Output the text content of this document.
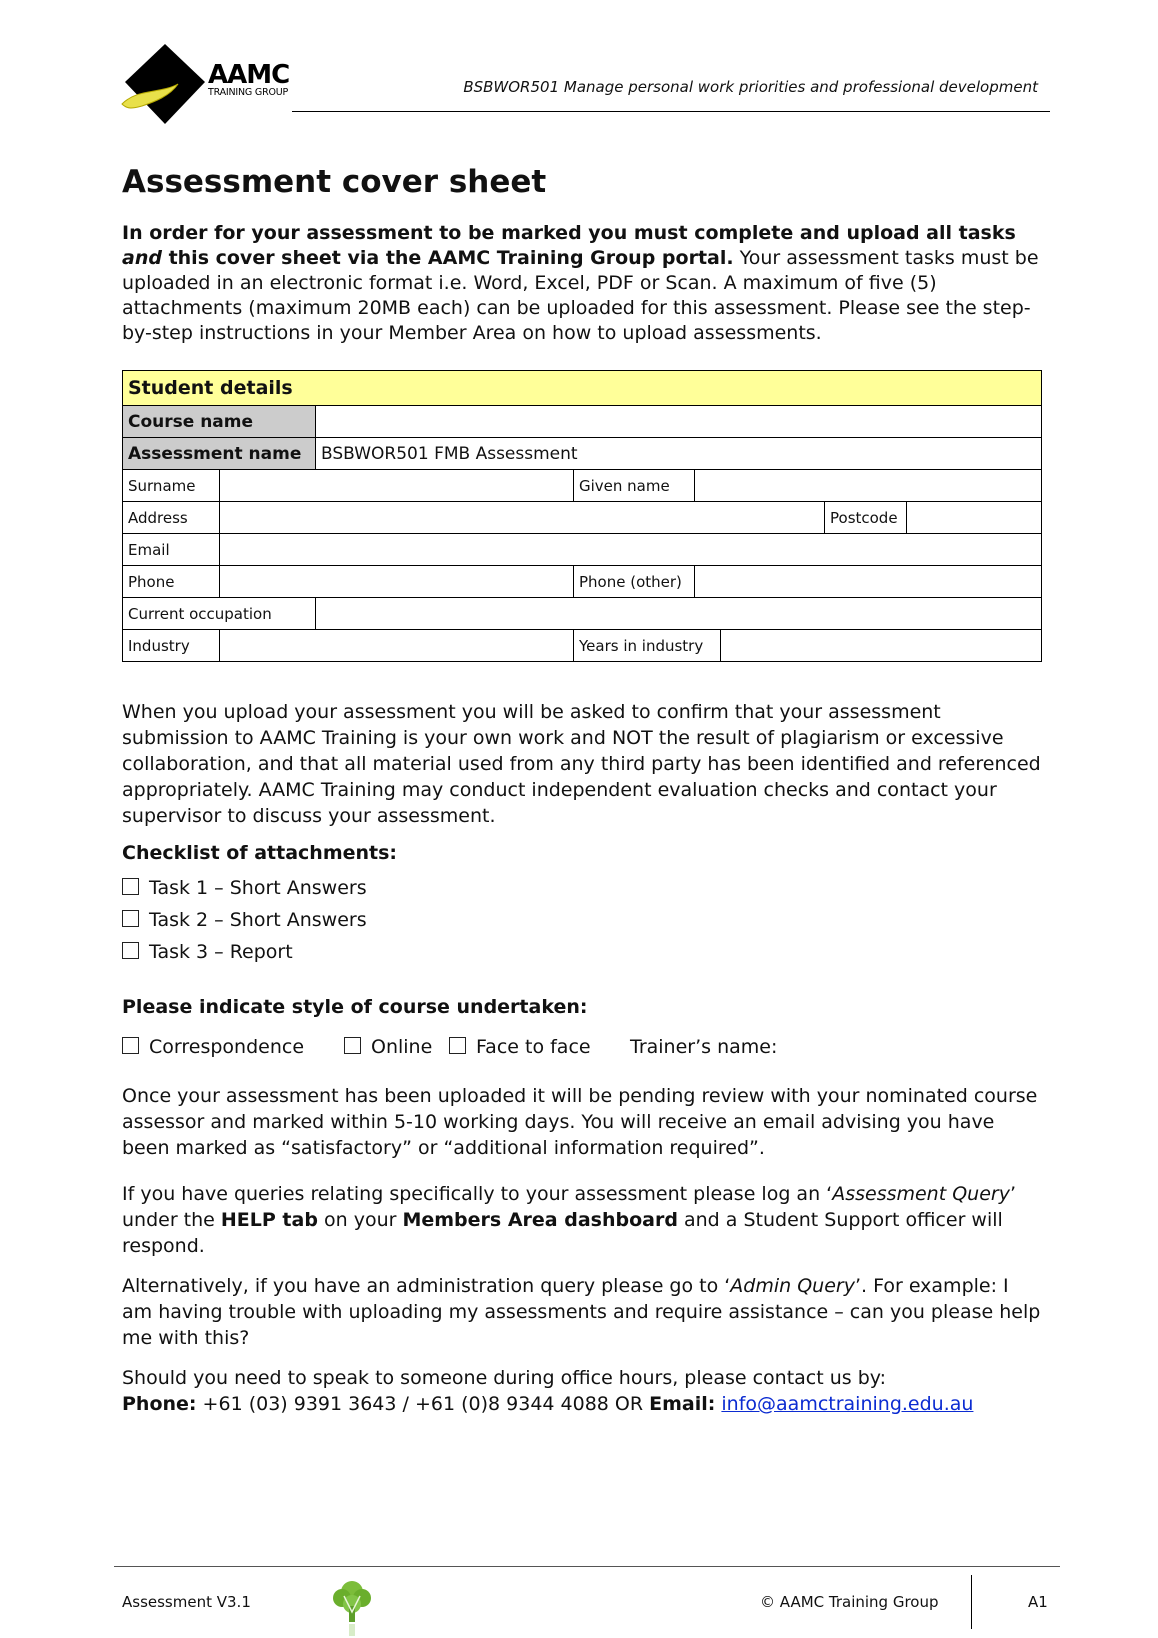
AAMC
TRAINING GROUP	BSBWOR501 Manage personal work priorities and professional development
Assessment cover sheet
In order for your assessment to be marked you must complete and upload all tasks and this cover sheet via the AAMC Training Group portal. Your assessment tasks must be uploaded in an electronic format i.e. Word, Excel, PDF or Scan. A maximum of five (5) attachments (maximum 20MB each) can be uploaded for this assessment. Please see the step-by-step instructions in your Member Area on how to upload assessments.
Student details							
Course name							
Assessment name		BSBWOR501 FMB Assessment					
Surname			Given name				
Address						Postcode	
Email							
Phone			Phone (other)				
Current occupation							
Industry			Years in industry				
When you upload your assessment you will be asked to confirm that your assessment submission to AAMC Training is your own work and NOT the result of plagiarism or excessive collaboration, and that all material used from any third party has been identified and referenced appropriately. AAMC Training may conduct independent evaluation checks and contact your supervisor to discuss your assessment.
Checklist of attachments:
Task 1 – Short Answers
Task 2 – Short Answers
Task 3 – Report
Please indicate style of course undertaken:
Correspondence	Online Face to face Trainer’s name:
Once your assessment has been uploaded it will be pending review with your nominated course assessor and marked within 5-10 working days. You will receive an email advising you have been marked as “satisfactory” or “additional information required”.
If you have queries relating specifically to your assessment please log an ‘Assessment Query’ under the HELP tab on your Members Area dashboard and a Student Support officer will respond.
Alternatively, if you have an administration query please go to ‘Admin Query’. For example: I am having trouble with uploading my assessments and require assistance – can you please help me with this?
Should you need to speak to someone during office hours, please contact us by:
Phone: +61 (03) 9391 3643 / +61 (0)8 9344 4088 OR Email: info@aamctraining.edu.au
Assessment V3.1	© AAMC Training Group	A1
